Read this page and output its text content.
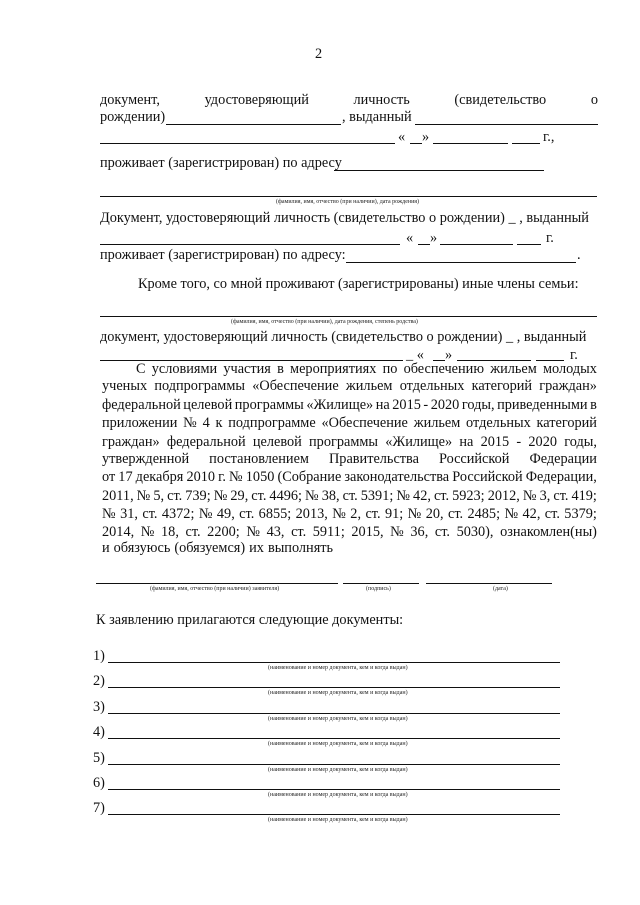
2
документ,	удостоверяющий	личность	(свидетельство	о
рождении)	, выданный
« »	г.,
проживает (зарегистрирован) по адресу
(фамилия, имя, отчество (при наличии), дата рождения)
Документ, удостоверяющий личность (свидетельство о рождении) _ , выданный
« »	г.
проживает (зарегистрирован) по адресу:	.
Кроме того, со мной проживают (зарегистрированы) иные члены семьи:
(фамилия, имя, отчество (при наличии), дата рождения, степень родства)
документ, удостоверяющий личность (свидетельство о рождении) _ , выданный
_ « »	г.
С условиями участия в мероприятиях по обеспечению жильем молодых
ученых подпрограммы «Обеспечение жильем отдельных категорий граждан»
федеральной целевой программы «Жилище» на 2015 - 2020 годы, приведенными в
приложении № 4 к подпрограмме «Обеспечение жильем отдельных категорий
граждан» федеральной целевой программы «Жилище» на 2015 - 2020 годы,
утвержденной постановлением Правительства Российской Федерации
от 17 декабря 2010 г. № 1050 (Собрание законодательства Российской Федерации,
2011, № 5, ст. 739; № 29, ст. 4496; № 38, ст. 5391; № 42, ст. 5923; 2012, № 3, ст. 419;
№ 31, ст. 4372; № 49, ст. 6855; 2013, № 2, ст. 91; № 20, ст. 2485; № 42, ст. 5379;
2014, № 18, ст. 2200; № 43, ст. 5911; 2015, № 36, ст. 5030), ознакомлен(ны)
и обязуюсь (обязуемся) их выполнять
(фамилия, имя, отчество (при наличии) заявителя)	(подпись)	(дата)
К заявлению прилагаются следующие документы:
1)
(наименование и номер документа, кем и когда выдан)
2)
(наименование и номер документа, кем и когда выдан)
3)
(наименование и номер документа, кем и когда выдан)
4)
(наименование и номер документа, кем и когда выдан)
5)
(наименование и номер документа, кем и когда выдан)
6)
(наименование и номер документа, кем и когда выдан)
7)
(наименование и номер документа, кем и когда выдан)
